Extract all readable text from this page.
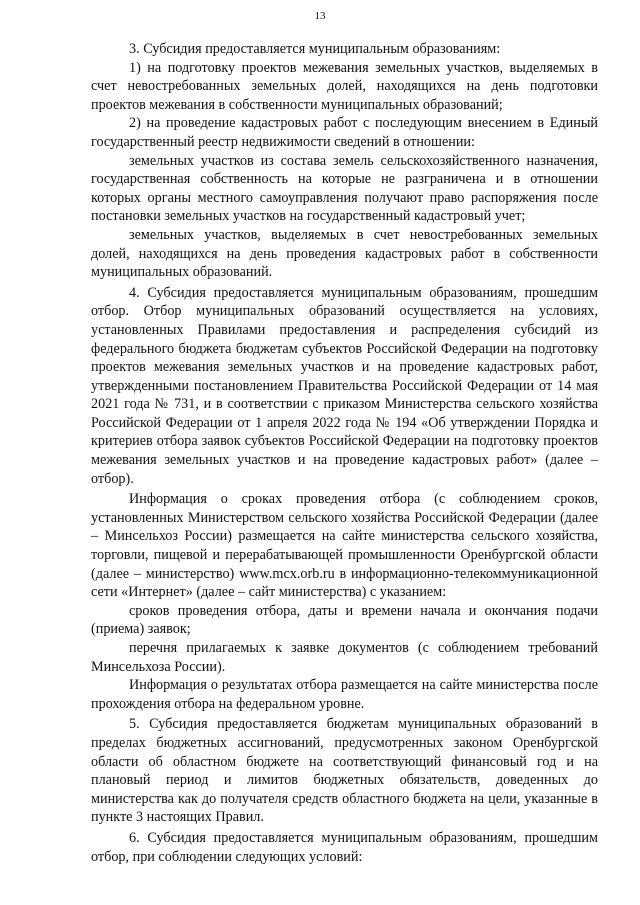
13

3. Субсидия предоставляется муниципальным образованиям:

1) на подготовку проектов межевания земельных участков, выделяемых в счет невостребованных земельных долей, находящихся на день подготовки проектов межевания в собственности муниципальных образований;

2) на проведение кадастровых работ с последующим внесением в Единый государственный реестр недвижимости сведений в отношении:

земельных участков из состава земель сельскохозяйственного назначения, государственная собственность на которые не разграничена и в отношении которых органы местного самоуправления получают право распоряжения после постановки земельных участков на государственный кадастровый учет;

земельных участков, выделяемых в счет невостребованных земельных долей, находящихся на день проведения кадастровых работ в собственности муниципальных образований.

4. Субсидия предоставляется муниципальным образованиям, прошедшим отбор. Отбор муниципальных образований осуществляется на условиях, установленных Правилами предоставления и распределения субсидий из федерального бюджета бюджетам субъектов Российской Федерации на подготовку проектов межевания земельных участков и на проведение кадастровых работ, утвержденными постановлением Правительства Российской Федерации от 14 мая 2021 года № 731, и в соответствии с приказом Министерства сельского хозяйства Российской Федерации от 1 апреля 2022 года № 194 «Об утверждении Порядка и критериев отбора заявок субъектов Российской Федерации на подготовку проектов межевания земельных участков и на проведение кадастровых работ» (далее – отбор).

Информация о сроках проведения отбора (с соблюдением сроков, установленных Министерством сельского хозяйства Российской Федерации (далее – Минсельхоз России) размещается на сайте министерства сельского хозяйства, торговли, пищевой и перерабатывающей промышленности Оренбургской области (далее – министерство) www.mcx.orb.ru в информационно-телекоммуникационной сети «Интернет» (далее – сайт министерства) с указанием:

сроков проведения отбора, даты и времени начала и окончания подачи (приема) заявок;

перечня прилагаемых к заявке документов (с соблюдением требований Минсельхоза России).

Информация о результатах отбора размещается на сайте министерства после прохождения отбора на федеральном уровне.

5. Субсидия предоставляется бюджетам муниципальных образований в пределах бюджетных ассигнований, предусмотренных законом Оренбургской области об областном бюджете на соответствующий финансовый год и на плановый период и лимитов бюджетных обязательств, доведенных до министерства как до получателя средств областного бюджета на цели, указанные в пункте 3 настоящих Правил.

6. Субсидия предоставляется муниципальным образованиям, прошедшим отбор, при соблюдении следующих условий:
